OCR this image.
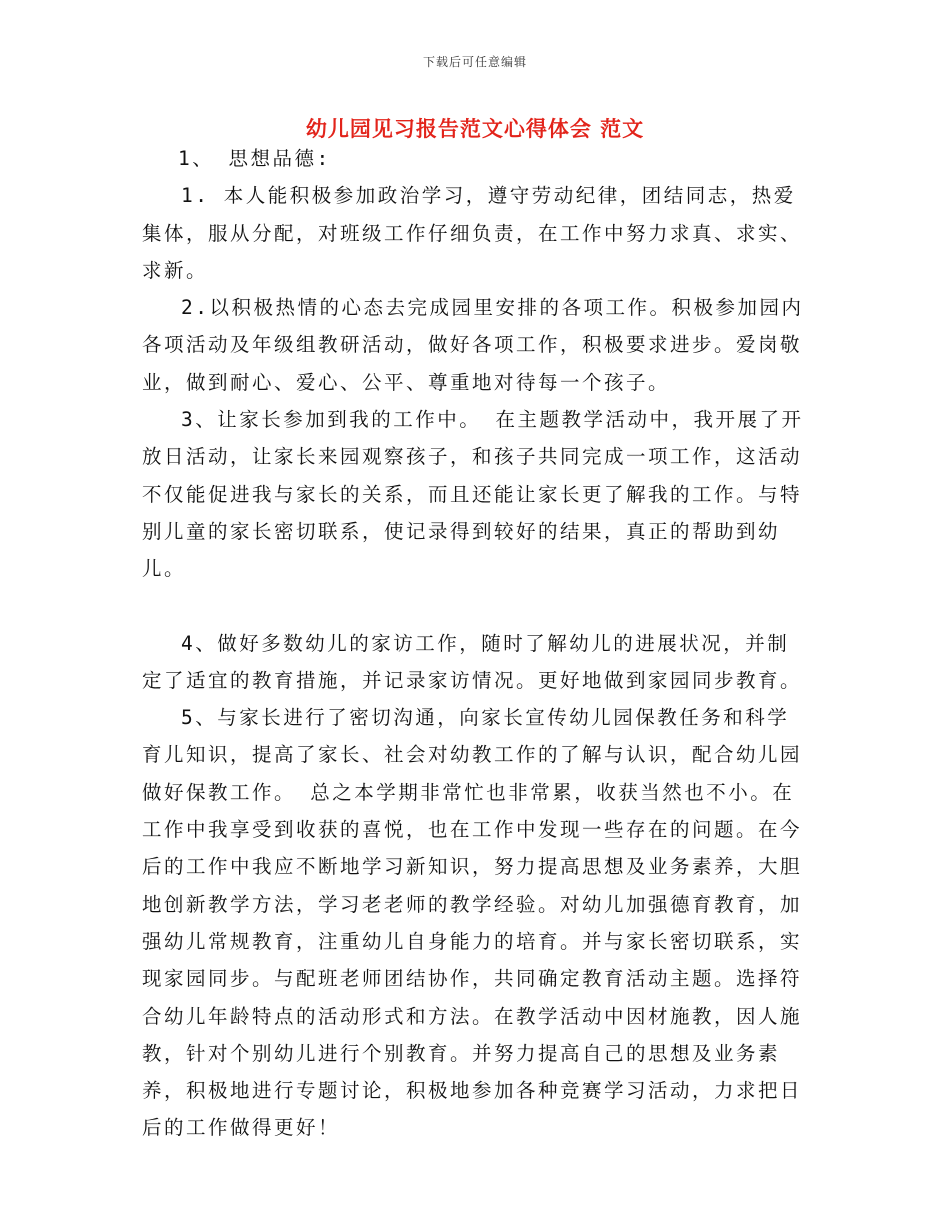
下载后可任意编辑
幼儿园见习报告范文心得体会 范文

1、 思想品德:

1. 本人能积极参加政治学习，遵守劳动纪律，团结同志，热爱集体，服从分配，对班级工作仔细负责，在工作中努力求真、求实、求新。

2.以积极热情的心态去完成园里安排的各项工作。积极参加园内各项活动及年级组教研活动，做好各项工作，积极要求进步。爱岗敬业，做到耐心、爱心、公平、尊重地对待每一个孩子。

3、让家长参加到我的工作中。 在主题教学活动中，我开展了开放日活动，让家长来园观察孩子，和孩子共同完成一项工作，这活动不仅能促进我与家长的关系，而且还能让家长更了解我的工作。与特别儿童的家长密切联系，使记录得到较好的结果，真正的帮助到幼儿。

4、做好多数幼儿的家访工作，随时了解幼儿的进展状况，并制定了适宜的教育措施，并记录家访情况。更好地做到家园同步教育。

5、与家长进行了密切沟通，向家长宣传幼儿园保教任务和科学育儿知识，提高了家长、社会对幼教工作的了解与认识，配合幼儿园做好保教工作。 总之本学期非常忙也非常累，收获当然也不小。在工作中我享受到收获的喜悦，也在工作中发现一些存在的问题。在今后的工作中我应不断地学习新知识，努力提高思想及业务素养，大胆地创新教学方法，学习老老师的教学经验。对幼儿加强德育教育，加强幼儿常规教育，注重幼儿自身能力的培育。并与家长密切联系，实现家园同步。与配班老师团结协作，共同确定教育活动主题。选择符合幼儿年龄特点的活动形式和方法。在教学活动中因材施教，因人施教，针对个别幼儿进行个别教育。并努力提高自己的思想及业务素养，积极地进行专题讨论，积极地参加各种竞赛学习活动，力求把日后的工作做得更好！
